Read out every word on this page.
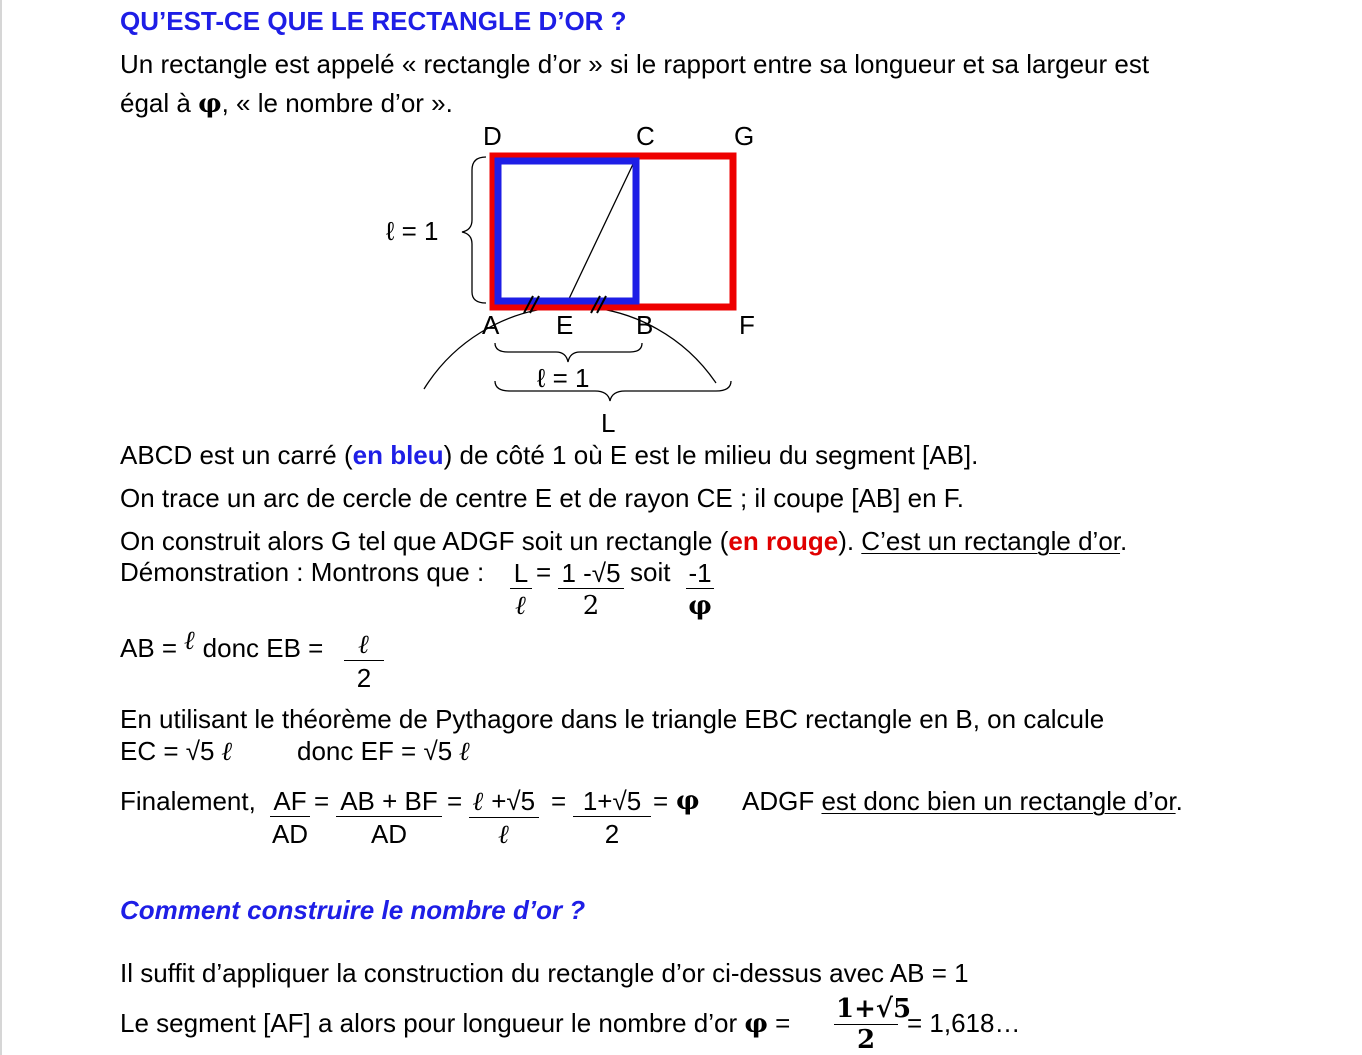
QU’EST-CE QUE LE RECTANGLE D’OR ?
Un rectangle est appelé « rectangle d’or » si le rapport entre sa longueur et sa largeur est
égal à φ, « le nombre d’or ».
D	C	G
A E B	F
ℓ = 1
ℓ = 1
L
ABCD est un carré (en bleu) de côté 1 où E est le milieu du segment [AB].
On trace un arc de cercle de centre E et de rayon CE ; il coupe [AB] en F.
On construit alors G tel que ADGF soit un rectangle (en rouge). C’est un rectangle d’or.
Démonstration : Montrons que : L
ℓ
= $\frac{1 -√5}{2}$ soit $\frac{-1}{\varphi}$
AB = ℓ donc EB =	ℓ
2
En utilisant le théorème de Pythagore dans le triangle EBC rectangle en B, on calcule
EC = √5 ℓ donc EF = √5 ℓ
Finalement, $\frac{AF}{AD} = \frac{AB + BF}{AD}$ = ℓ +√5
ℓ
= $\frac{1+√5}{2} = \varphi$ ADGF est donc bien un rectangle d’or.
Comment construire le nombre d’or ?
Il suffit d’appliquer la construction du rectangle d’or ci-dessus avec AB = 1
Le segment [AF] a alors pour longueur le nombre d’or $\varphi = \frac{1+√5}{2}$ = 1,618…
